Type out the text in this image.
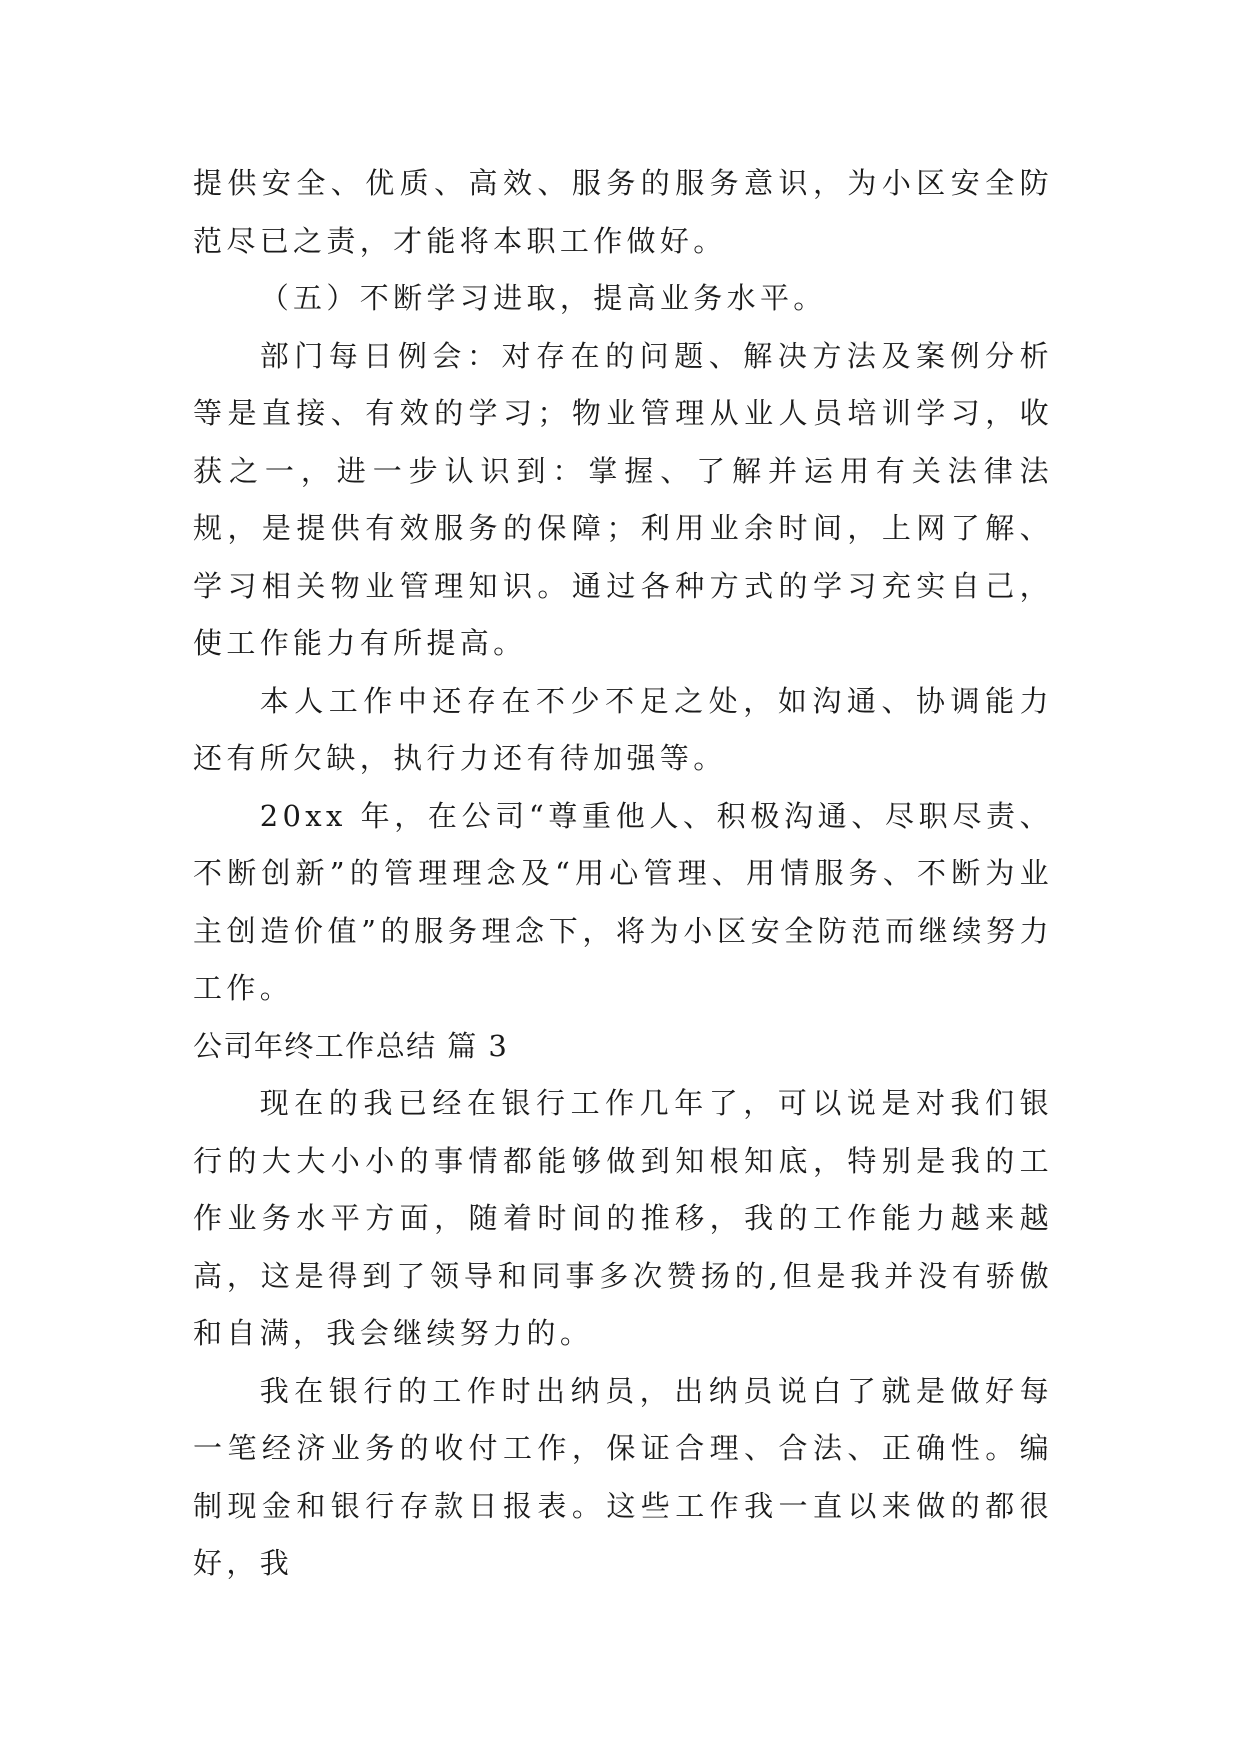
提供安全、优质、高效、服务的服务意识，为小区安全防范尽已之责，才能将本职工作做好。

（五）不断学习进取，提高业务水平。

部门每日例会：对存在的问题、解决方法及案例分析等是直接、有效的学习；物业管理从业人员培训学习，收获之一，进一步认识到：掌握、了解并运用有关法律法规，是提供有效服务的保障；利用业余时间，上网了解、学习相关物业管理知识。通过各种方式的学习充实自己，使工作能力有所提高。

本人工作中还存在不少不足之处，如沟通、协调能力还有所欠缺，执行力还有待加强等。

20xx 年，在公司“尊重他人、积极沟通、尽职尽责、不断创新”的管理理念及“用心管理、用情服务、不断为业主创造价值”的服务理念下，将为小区安全防范而继续努力工作。

公司年终工作总结 篇 3

现在的我已经在银行工作几年了，可以说是对我们银行的大大小小的事情都能够做到知根知底，特别是我的工作业务水平方面，随着时间的推移，我的工作能力越来越高，这是得到了领导和同事多次赞扬的,但是我并没有骄傲和自满，我会继续努力的。

我在银行的工作时出纳员，出纳员说白了就是做好每一笔经济业务的收付工作，保证合理、合法、正确性。编制现金和银行存款日报表。这些工作我一直以来做的都很好，我
